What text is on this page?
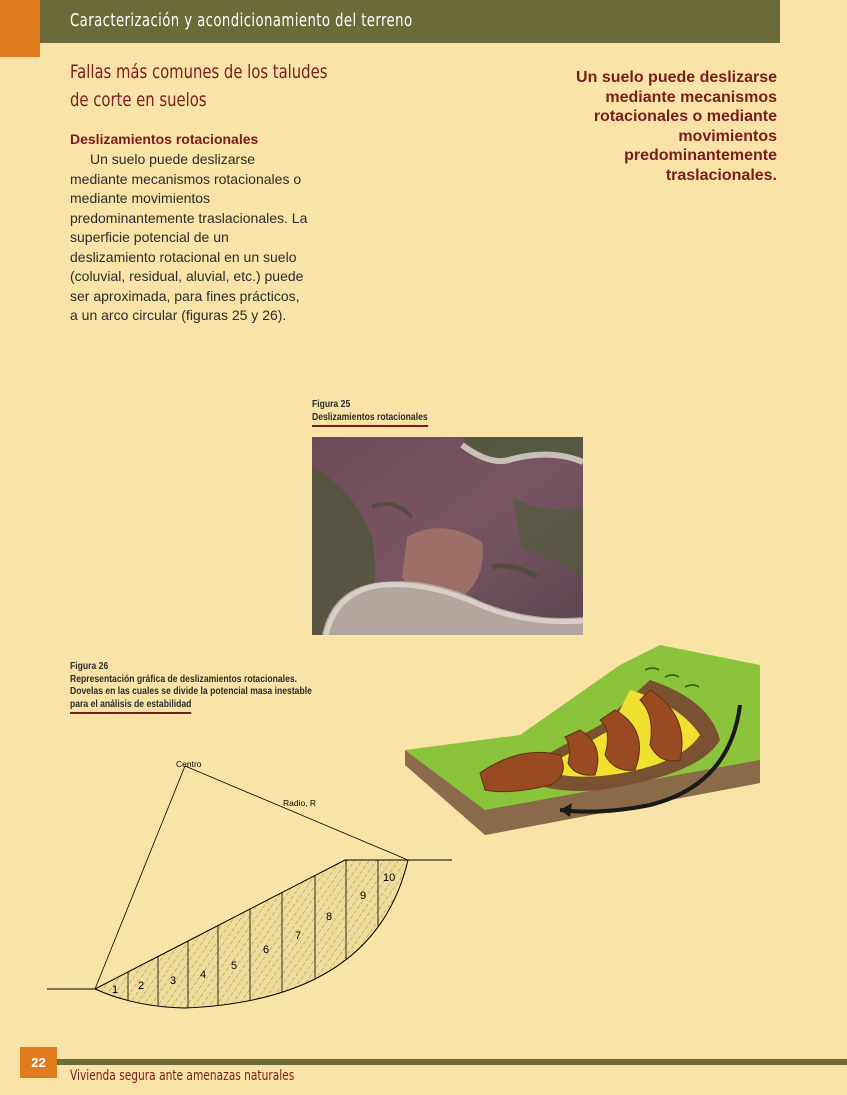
Caracterización y acondicionamiento del terreno
Fallas más comunes de los taludes
de corte en suelos
Deslizamientos rotacionales
Un suelo puede deslizarse mediante mecanismos rotacionales o mediante movimientos predominantemente traslacionales. La superficie potencial de un deslizamiento rotacional en un suelo (coluvial, residual, aluvial, etc.) puede ser aproximada, para fines prácticos, a un arco circular (figuras 25 y 26).
Un suelo puede deslizarse mediante mecanismos rotacionales o mediante movimientos predominantemente traslacionales.
Figura 25
Deslizamientos rotacionales
Figura 26
Representación gráfica de deslizamientos rotacionales.
Dovelas en las cuales se divide la potencial masa inestable
para el análisis de estabilidad
Centro
Radio, R
1 2 3 4
5
6
7
8
9
10
22
Vivienda segura ante amenazas naturales
